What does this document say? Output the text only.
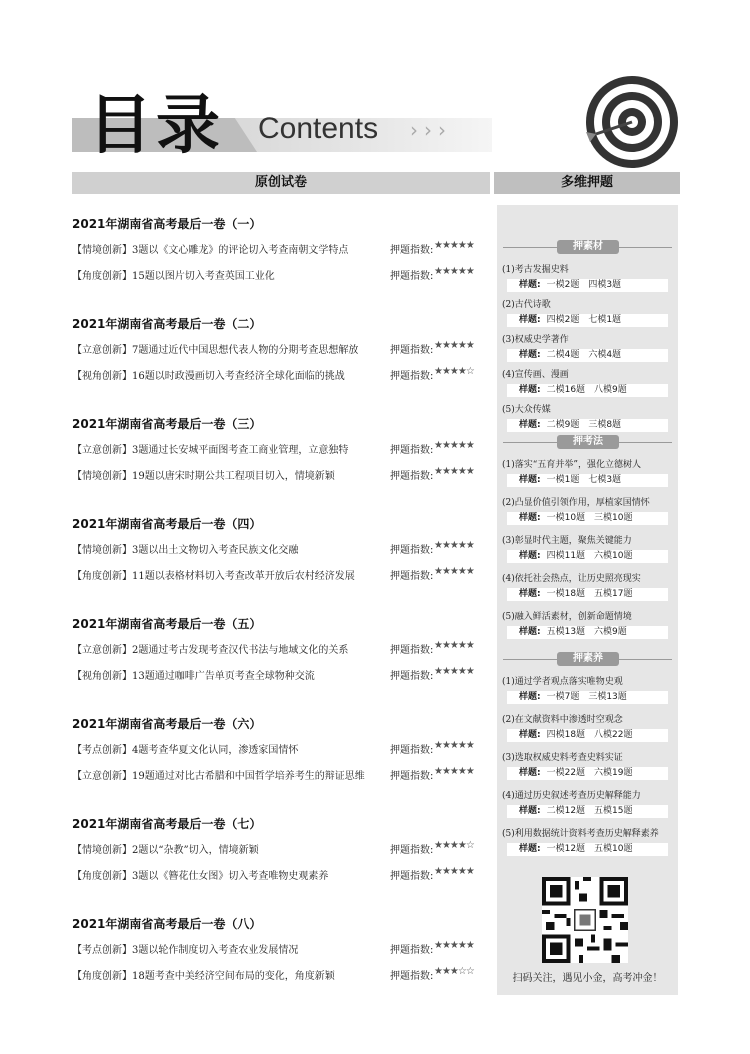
目录 Contents ›››
原创试卷	多维押题
2021年湖南省高考最后一卷（一）
【情境创新】3题以《文心雕龙》的评论切入考查南朝文学特点	押题指数: ★★★★★
【角度创新】15题以图片切入考查英国工业化	押题指数: ★★★★★
2021年湖南省高考最后一卷（二）
【立意创新】7题通过近代中国思想代表人物的分期考查思想解放	押题指数: ★★★★★
【视角创新】16题以时政漫画切入考查经济全球化面临的挑战	押题指数: ★★★★☆
2021年湖南省高考最后一卷（三）
【立意创新】3题通过长安城平面图考查工商业管理，立意独特	押题指数: ★★★★★
【情境创新】19题以唐宋时期公共工程项目切入，情境新颖	押题指数: ★★★★★
2021年湖南省高考最后一卷（四）
【情境创新】3题以出土文物切入考查民族文化交融	押题指数: ★★★★★
【角度创新】11题以表格材料切入考查改革开放后农村经济发展	押题指数: ★★★★★
2021年湖南省高考最后一卷（五）
【立意创新】2题通过考古发现考查汉代书法与地域文化的关系	押题指数: ★★★★★
【视角创新】13题通过咖啡广告单页考查全球物种交流	押题指数: ★★★★★
2021年湖南省高考最后一卷（六）
【考点创新】4题考查华夏文化认同，渗透家国情怀	押题指数: ★★★★★
【立意创新】19题通过对比古希腊和中国哲学培养考生的辩证思维	押题指数: ★★★★★
2021年湖南省高考最后一卷（七）
【情境创新】2题以“杂教”切入，情境新颖	押题指数: ★★★★☆
【角度创新】3题以《簪花仕女图》切入考查唯物史观素养	押题指数: ★★★★★
2021年湖南省高考最后一卷（八）
【考点创新】3题以轮作制度切入考查农业发展情况	押题指数: ★★★★★
【角度创新】18题考查中美经济空间布局的变化，角度新颖	押题指数: ★★★☆☆
扫码关注，遇见小金，高考冲金！
押素材
(1)考古发掘史料
样题: 一模2题　四模3题
(2)古代诗歌
样题: 四模2题　七模1题
(3)权威史学著作
样题: 二模4题　六模4题
(4)宣传画、漫画
样题: 二模16题　八模9题
(5)大众传媒
样题: 二模9题　三模8题
押考法
(1)落实“五育并举”，强化立德树人
样题: 一模1题　七模3题
(2)凸显价值引领作用，厚植家国情怀
样题: 一模10题　三模10题
(3)彰显时代主题，聚焦关键能力
样题: 四模11题　六模10题
(4)依托社会热点，让历史照亮现实
样题: 一模18题　五模17题
(5)融入鲜活素材，创新命题情境
样题: 五模13题　六模9题
押素养
(1)通过学者观点落实唯物史观
样题: 一模7题　三模13题
(2)在文献资料中渗透时空观念
样题: 四模18题　八模22题
(3)选取权威史料考查史料实证
样题: 一模22题　六模19题
(4)通过历史叙述考查历史解释能力
样题: 二模12题　五模15题
(5)利用数据统计资料考查历史解释素养
样题: 一模12题　五模10题
